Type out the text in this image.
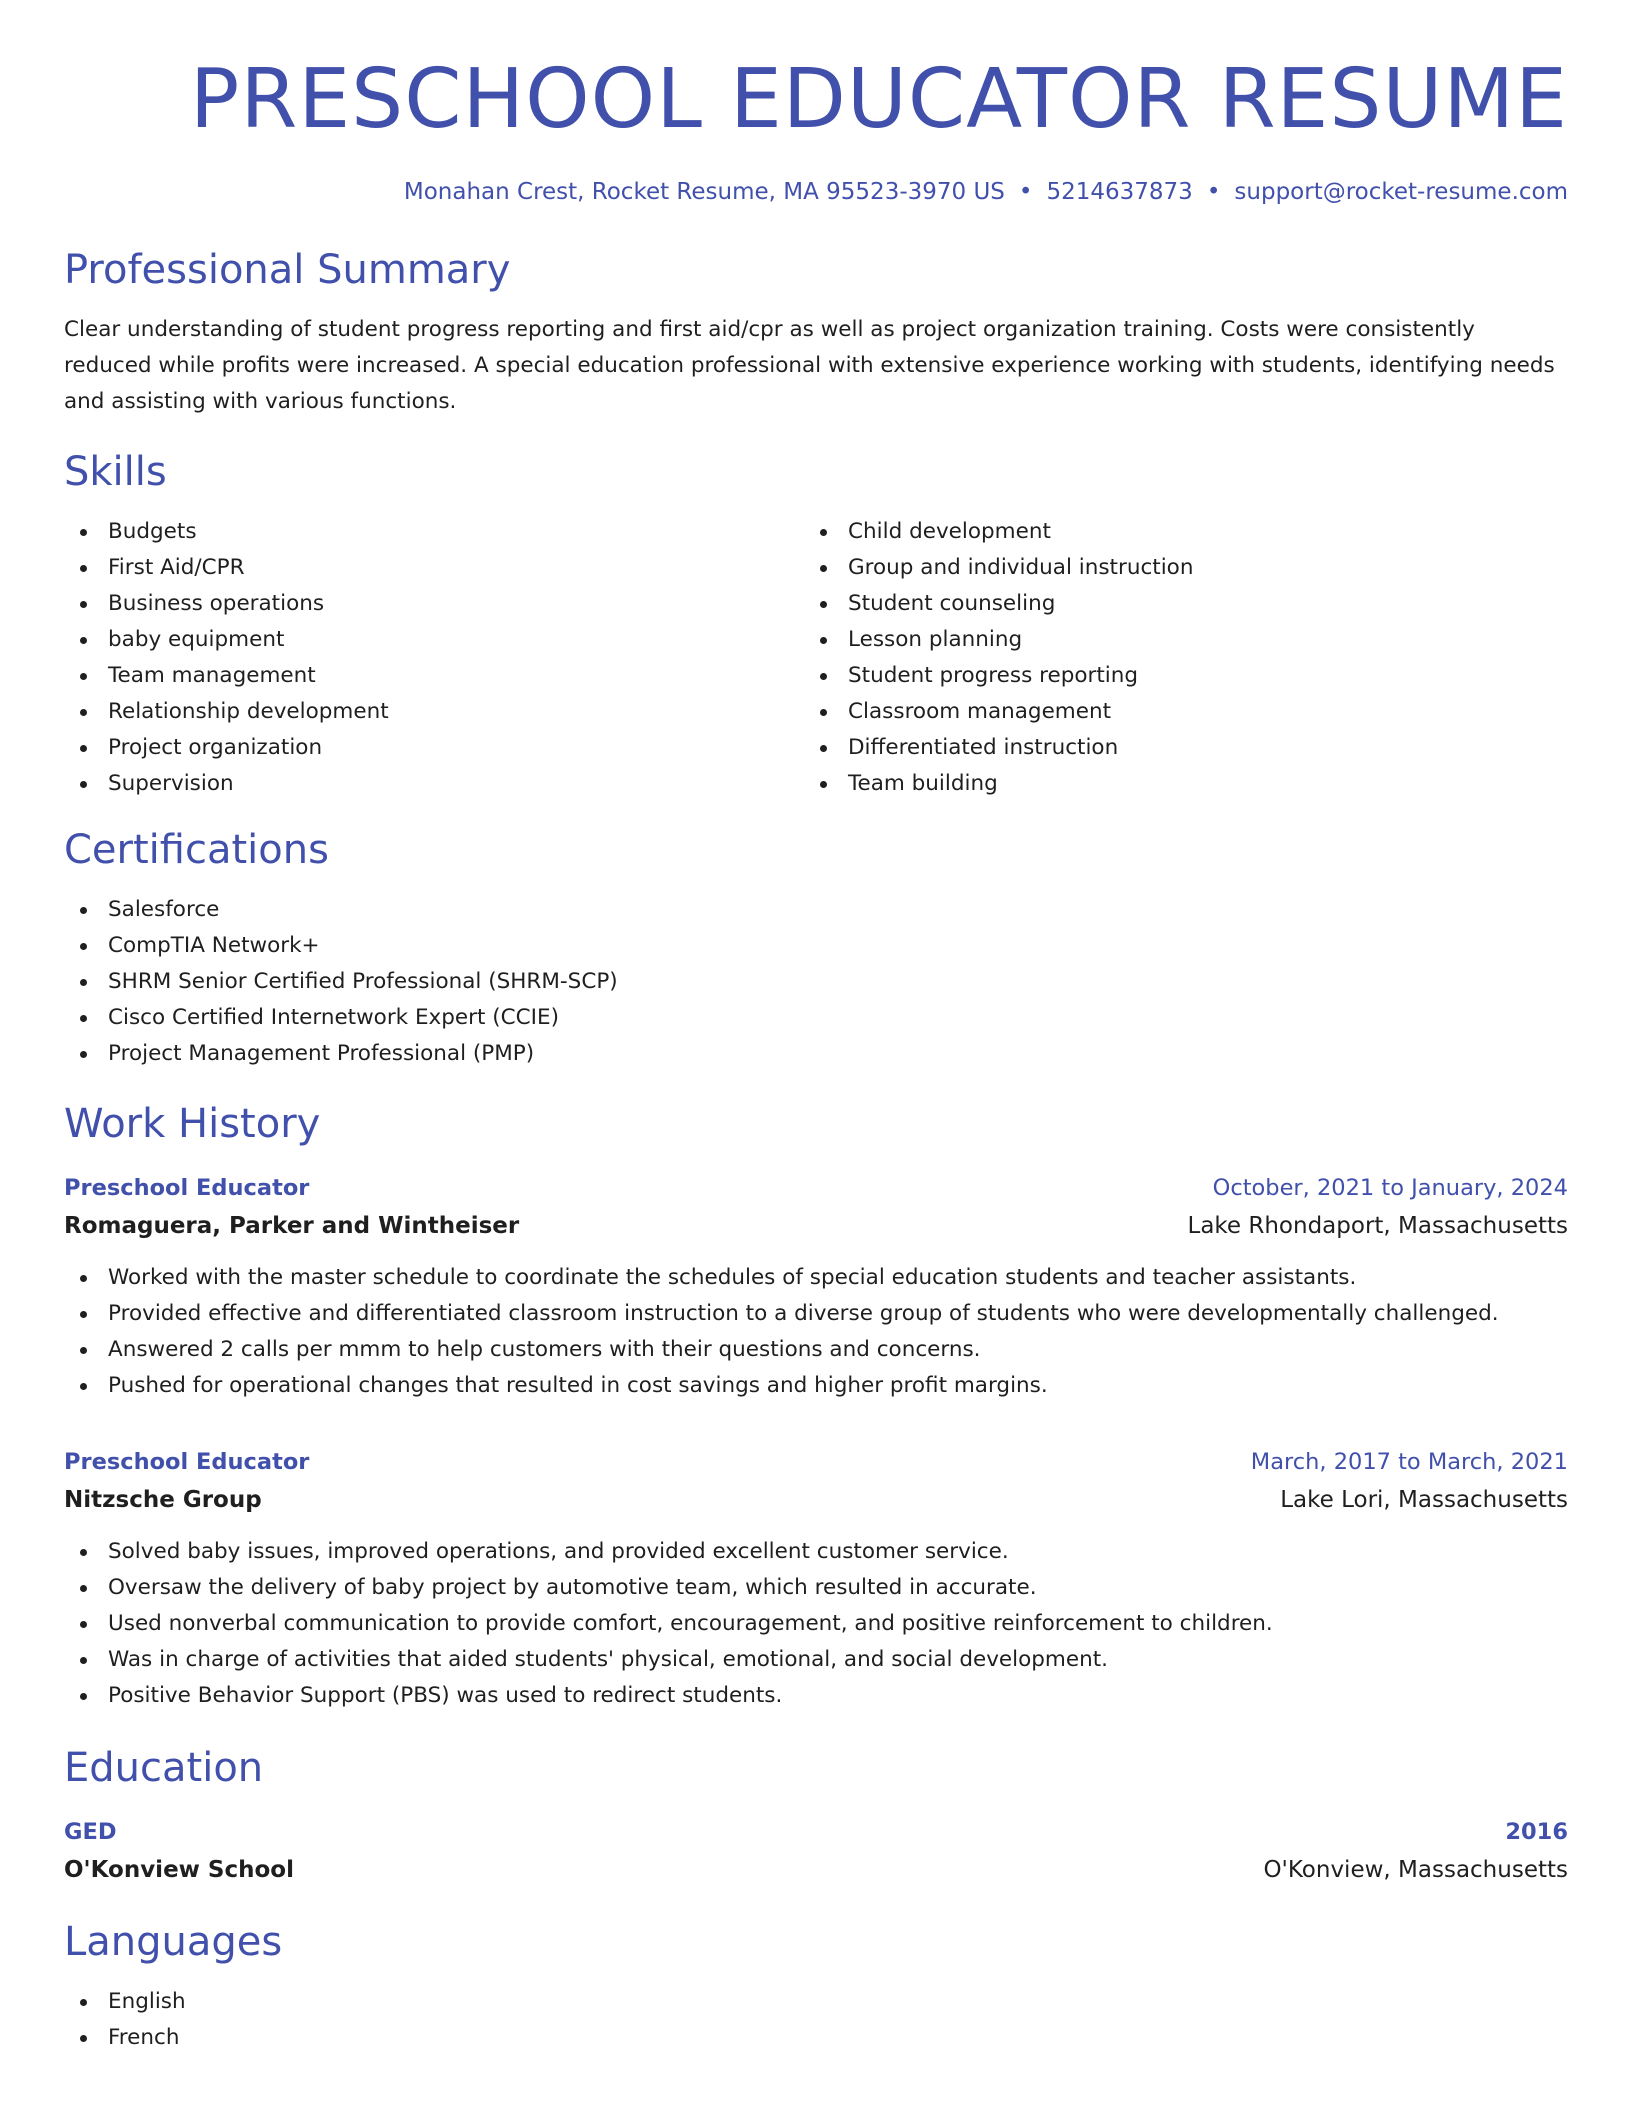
PRESCHOOL EDUCATOR RESUME
Monahan Crest, Rocket Resume, MA 95523-3970 US • 5214637873 • support@rocket-resume.com
Professional Summary

Clear understanding of student progress reporting and first aid/cpr as well as project organization training. Costs were consistently reduced while profits were increased. A special education professional with extensive experience working with students, identifying needs and assisting with various functions.

Skills
Budgets
First Aid/CPR
Business operations
baby equipment
Team management
Relationship development
Project organization
Supervision
Child development
Group and individual instruction
Student counseling
Lesson planning
Student progress reporting
Classroom management
Differentiated instruction
Team building
Certifications
Salesforce
CompTIA Network+
SHRM Senior Certified Professional (SHRM-SCP)
Cisco Certified Internetwork Expert (CCIE)
Project Management Professional (PMP)
Work History
Preschool Educator	October, 2021 to January, 2024
Romaguera, Parker and Wintheiser	Lake Rhondaport, Massachusetts
Worked with the master schedule to coordinate the schedules of special education students and teacher assistants.
Provided effective and differentiated classroom instruction to a diverse group of students who were developmentally challenged.
Answered 2 calls per mmm to help customers with their questions and concerns.
Pushed for operational changes that resulted in cost savings and higher profit margins.
Preschool Educator	March, 2017 to March, 2021
Nitzsche Group	Lake Lori, Massachusetts
Solved baby issues, improved operations, and provided excellent customer service.
Oversaw the delivery of baby project by automotive team, which resulted in accurate.
Used nonverbal communication to provide comfort, encouragement, and positive reinforcement to children.
Was in charge of activities that aided students' physical, emotional, and social development.
Positive Behavior Support (PBS) was used to redirect students.
Education
GED	2016
O'Konview School	O'Konview, Massachusetts
Languages
English
French
